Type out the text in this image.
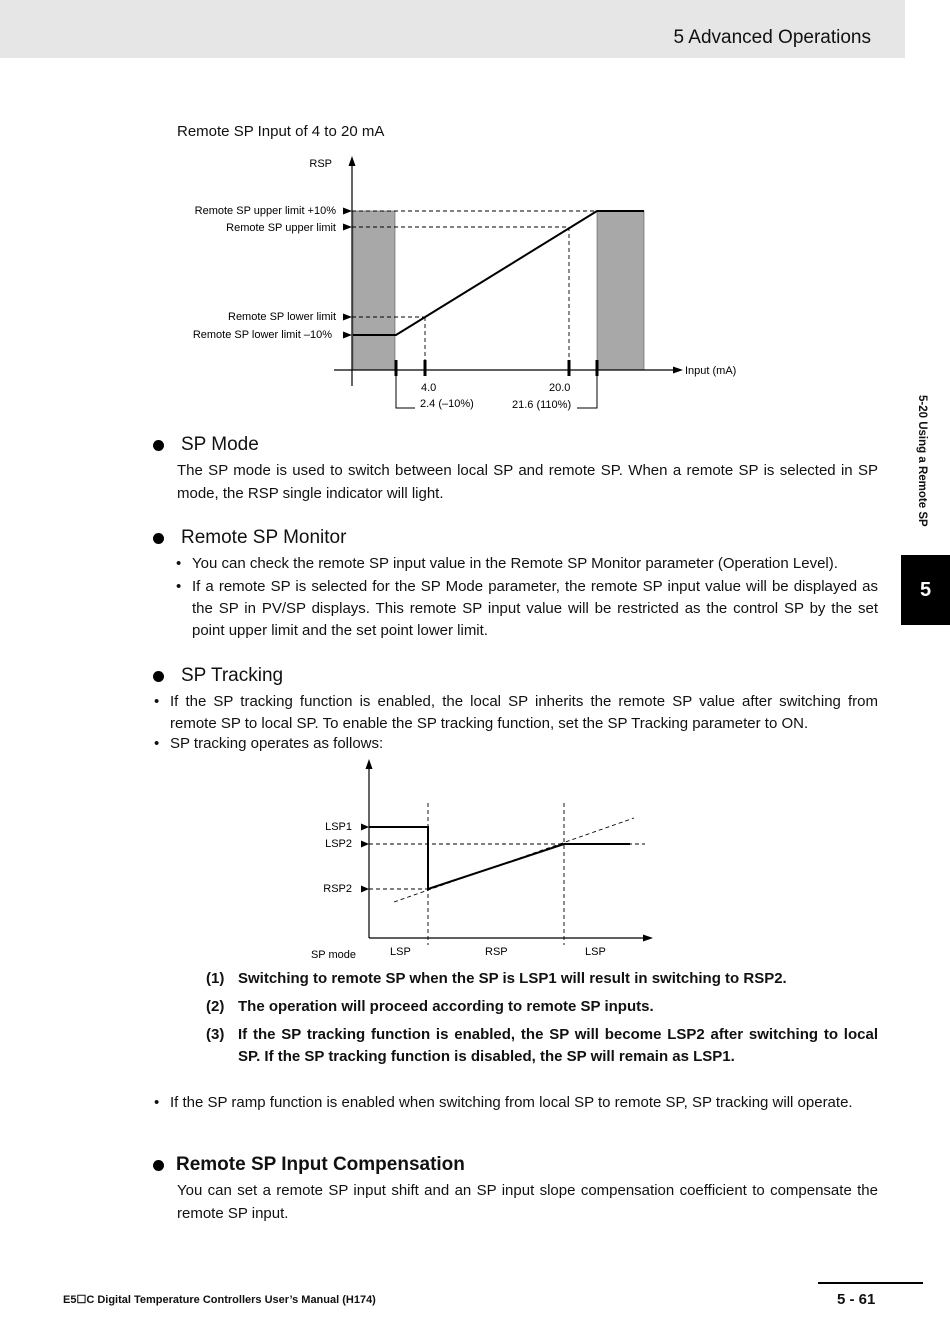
5 Advanced Operations
5-20 Using a Remote SP
5
Remote SP Input of 4 to 20 mA
RSP
Remote SP upper limit +10%
Remote SP upper limit
Remote SP lower limit
Remote SP lower limit –10%
Input (mA)
4.0
2.4 (–10%)
20.0
21.6 (110%)
SP Mode
The SP mode is used to switch between local SP and remote SP. When a remote SP is selected in SP mode, the RSP single indicator will light.
Remote SP Monitor
• You can check the remote SP input value in the Remote SP Monitor parameter (Operation Level).
• If a remote SP is selected for the SP Mode parameter, the remote SP input value will be displayed as the SP in PV/SP displays. This remote SP input value will be restricted as the control SP by the set point upper limit and the set point lower limit.
SP Tracking
• If the SP tracking function is enabled, the local SP inherits the remote SP value after switching from remote SP to local SP. To enable the SP tracking function, set the SP Tracking parameter to ON.
• SP tracking operates as follows:
LSP1
LSP2
RSP2
SP mode	LSP	RSP	LSP
(1) Switching to remote SP when the SP is LSP1 will result in switching to RSP2.
(2) The operation will proceed according to remote SP inputs.
(3) If the SP tracking function is enabled, the SP will become LSP2 after switching to local SP. If the SP tracking function is disabled, the SP will remain as LSP1.
• If the SP ramp function is enabled when switching from local SP to remote SP, SP tracking will operate.
Remote SP Input Compensation
You can set a remote SP input shift and an SP input slope compensation coefficient to compensate the remote SP input.
E5☐C Digital Temperature Controllers User’s Manual (H174)	5 - 61
